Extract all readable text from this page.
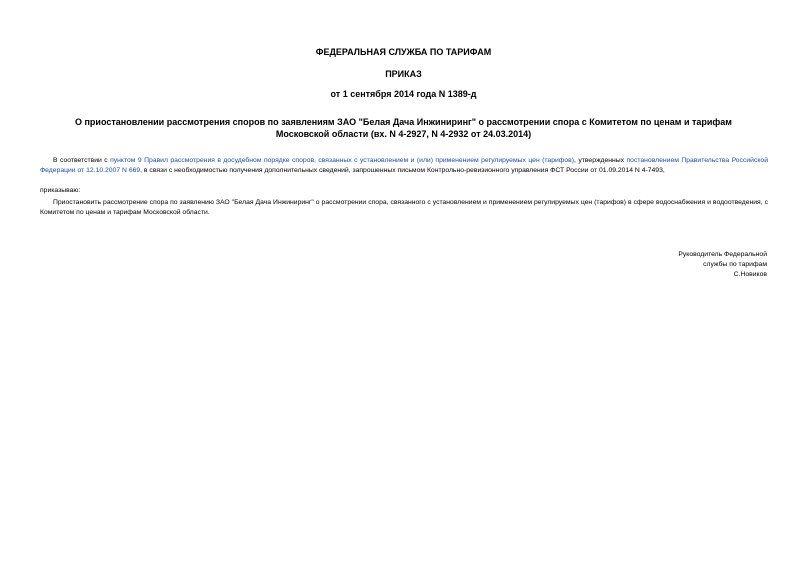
ФЕДЕРАЛЬНАЯ СЛУЖБА ПО ТАРИФАМ
ПРИКАЗ
от 1 сентября 2014 года N 1389-д
О приостановлении рассмотрения споров по заявлениям ЗАО "Белая Дача Инжиниринг" о рассмотрении спора с Комитетом по ценам и тарифам Московской области (вх. N 4-2927, N 4-2932 от 24.03.2014)
В соответствии с пунктом 9 Правил рассмотрения в досудебном порядке споров, связанных с установлением и (или) применением регулируемых цен (тарифов), утвержденных постановлением Правительства Российской Федерации от 12.10.2007 N 669, в связи с необходимостью получения дополнительных сведений, запрошенных письмом Контрольно-ревизионного управления ФСТ России от 01.09.2014 N 4-7493,
приказываю:
Приостановить рассмотрение спора по заявлению ЗАО "Белая Дача Инжиниринг" о рассмотрении спора, связанного с установлением и применением регулируемых цен (тарифов) в сфере водоснабжения и водоотведения, с Комитетом по ценам и тарифам Московской области.
Руководитель Федеральной
службы по тарифам
С.Новиков
